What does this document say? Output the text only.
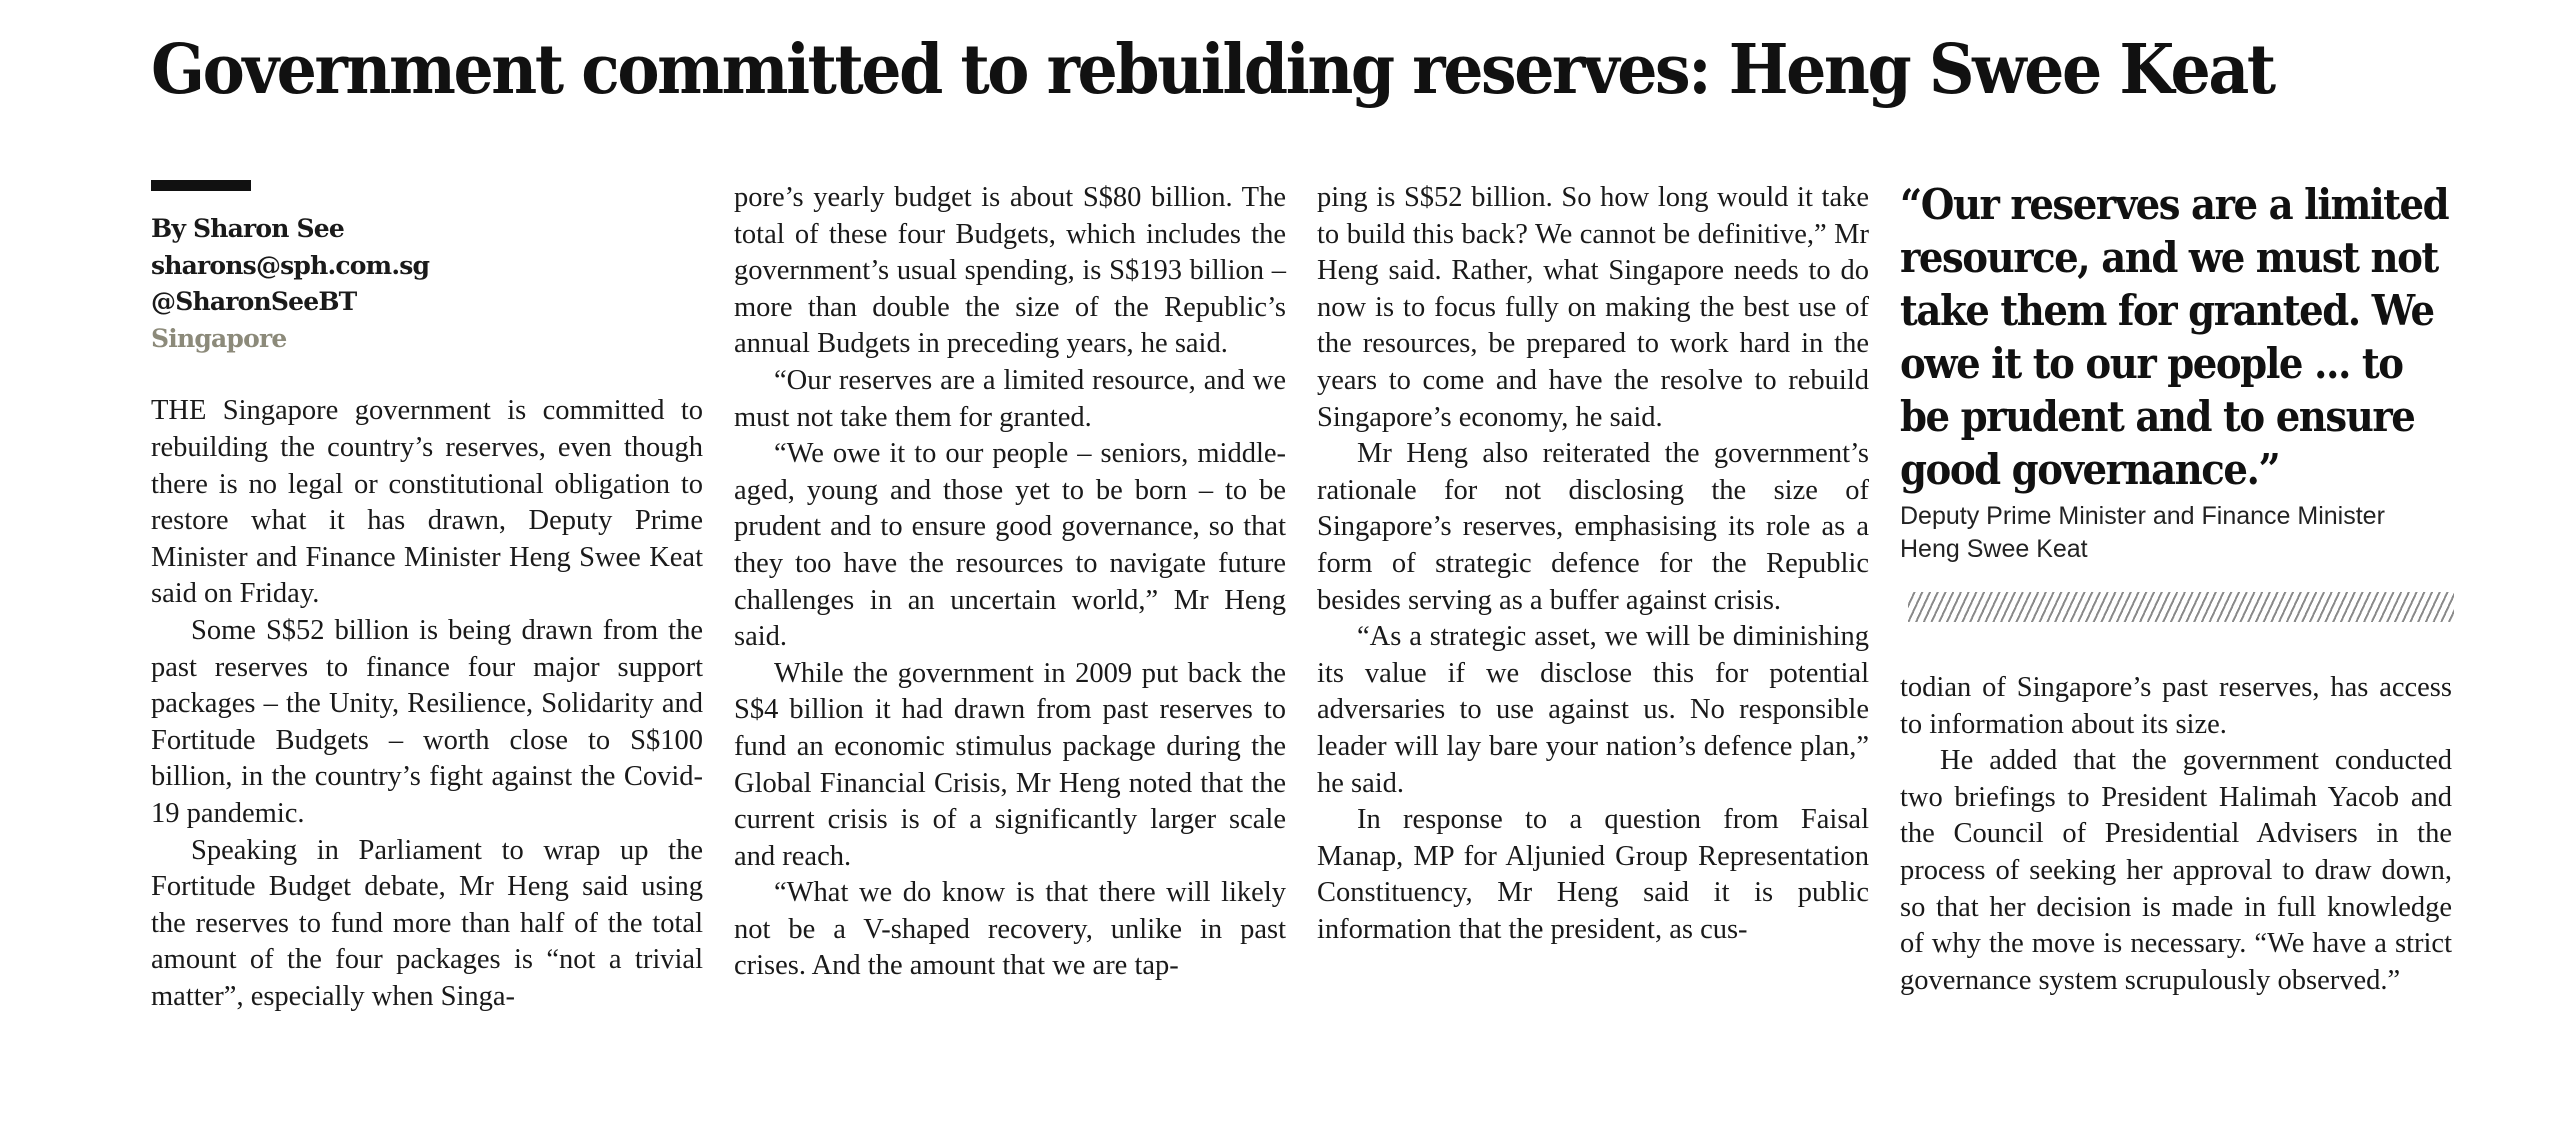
Government committed to rebuilding reserves: Heng Swee Keat
By Sharon See
sharons@sph.com.sg
@SharonSeeBT
Singapore

THE Singapore government is committed to rebuilding the country’s reserves, even though there is no legal or constitutional obligation to restore what it has drawn, Deputy Prime Minister and Finance Minister Heng Swee Keat said on Friday.

Some S$52 billion is being drawn from the past reserves to finance four major support packages – the Unity, Resilience, Solidarity and Fortitude Budgets – worth close to S$100 billion, in the country’s fight against the Covid-19 pandemic.

Speaking in Parliament to wrap up the Fortitude Budget debate, Mr Heng said using the reserves to fund more than half of the total amount of the four packages is “not a trivial matter”, especially when Singa-

pore’s yearly budget is about S$80 billion. The total of these four Budgets, which includes the government’s usual spending, is S$193 billion – more than double the size of the Republic’s annual Budgets in preceding years, he said.

“Our reserves are a limited resource, and we must not take them for granted.

“We owe it to our people – seniors, middle-aged, young and those yet to be born – to be prudent and to ensure good governance, so that they too have the resources to navigate future challenges in an uncertain world,” Mr Heng said.

While the government in 2009 put back the S$4 billion it had drawn from past reserves to fund an economic stimulus package during the Global Financial Crisis, Mr Heng noted that the current crisis is of a significantly larger scale and reach.

“What we do know is that there will likely not be a V-shaped recovery, unlike in past crises. And the amount that we are tap-

ping is S$52 billion. So how long would it take to build this back? We cannot be definitive,” Mr Heng said. Rather, what Singapore needs to do now is to focus fully on making the best use of the resources, be prepared to work hard in the years to come and have the resolve to rebuild Singapore’s economy, he said.

Mr Heng also reiterated the government’s rationale for not disclosing the size of Singapore’s reserves, emphasising its role as a form of strategic defence for the Republic besides serving as a buffer against crisis.

“As a strategic asset, we will be diminishing its value if we disclose this for potential adversaries to use against us. No responsible leader will lay bare your nation’s defence plan,” he said.

In response to a question from Faisal Manap, MP for Aljunied Group Representation Constituency, Mr Heng said it is public information that the president, as cus-

“Our reserves are a limited resource, and we must not take them for granted. We owe it to our people ... to be prudent and to ensure good governance.”
Deputy Prime Minister and Finance Minister
Heng Swee Keat

todian of Singapore’s past reserves, has access to information about its size.

He added that the government conducted two briefings to President Halimah Yacob and the Council of Presidential Advisers in the process of seeking her approval to draw down, so that her decision is made in full knowledge of why the move is necessary. “We have a strict governance system scrupulously observed.”
